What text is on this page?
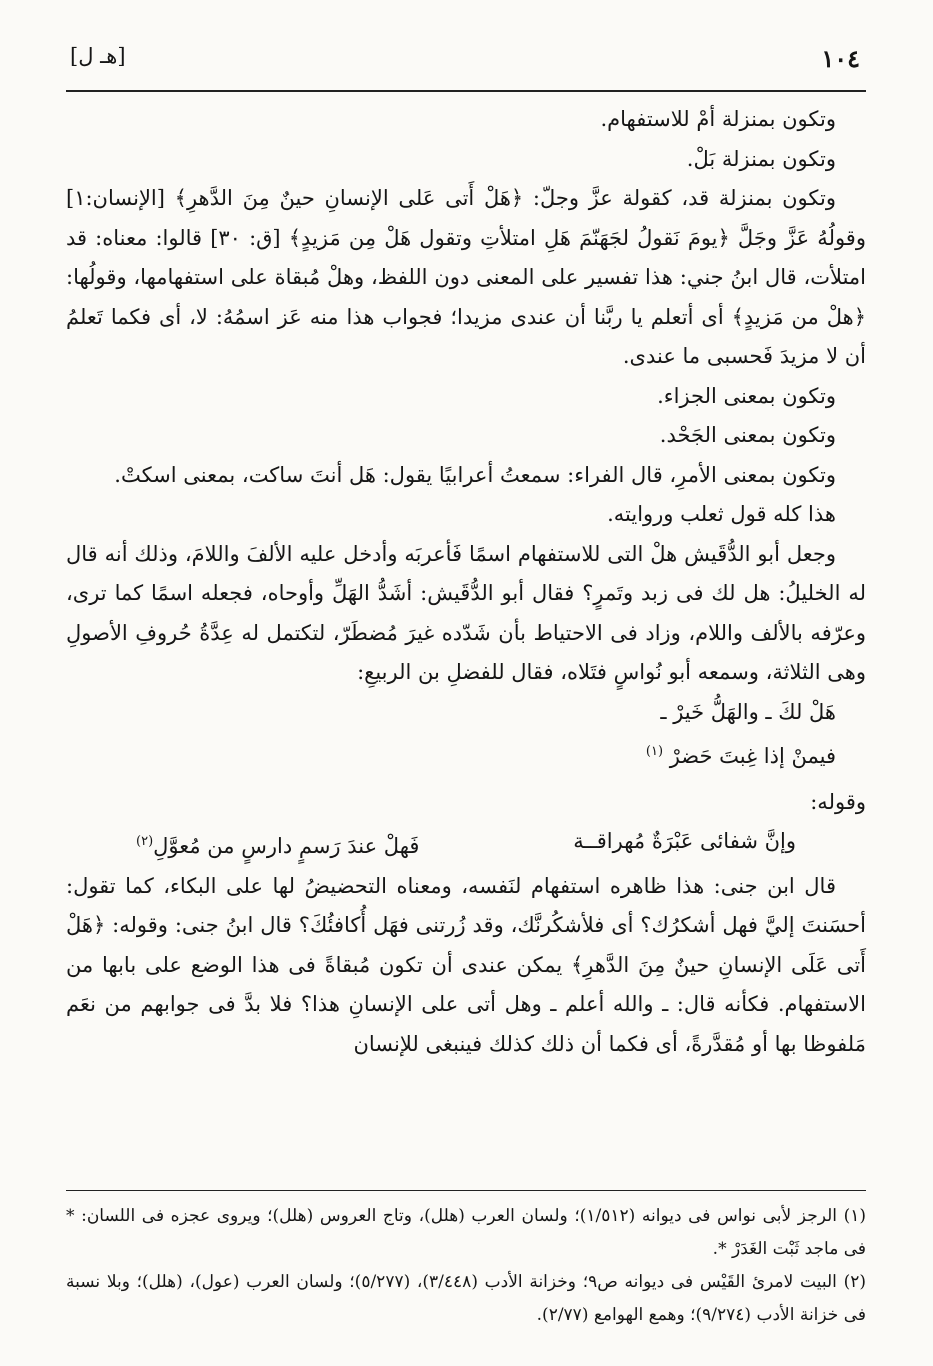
١٠٤
[هـ ل]

وتكون بمنزلة أمْ للاستفهام.

وتكون بمنزلة بَلْ.

وتكون بمنزلة قد، كقولة عزَّ وجلّ: ﴿هَلْ أَتى عَلى الإنسانِ حينٌ مِنَ الدَّهرِ﴾ [الإنسان:١] وقولُهُ عَزَّ وجَلَّ ﴿يومَ نَقولُ لجَهَنّمَ هَلِ امتلأتِ وتقول هَلْ مِن مَزيدٍ﴾ [ق: ٣٠] قالوا: معناه: قد امتلأت، قال ابنُ جني: هذا تفسير على المعنى دون اللفظ، وهلْ مُبقاة على استفهامها، وقولُها: ﴿هلْ من مَزيدٍ﴾ أى أتعلم يا ربَّنا أن عندى مزيدا؛ فجواب هذا منه عَز اسمُهُ: لا، أى فكما تَعلمُ أن لا مزيدَ فَحسبى ما عندى.

وتكون بمعنى الجزاء.

وتكون بمعنى الجَحْد.

وتكون بمعنى الأمرِ، قال الفراء: سمعتُ أعرابيًا يقول: هَل أنتَ ساكت، بمعنى اسكتْ.

هذا كله قول ثعلب وروايته.

وجعل أبو الدُّقَيش هلْ التى للاستفهام اسمًا فَأعربَه وأدخل عليه الألفَ واللامَ، وذلك أنه قال له الخليلُ: هل لك فى زبد وتَمرٍ؟ فقال أبو الدُّقَيش: أشَدُّ الهَلِّ وأوحاه، فجعله اسمًا كما ترى، وعرّفه بالألف واللام، وزاد فى الاحتياط بأن شَدّده غيرَ مُضطَرّ، لتكتمل له عِدَّةُ حُروفِ الأصولِ وهى الثلاثة، وسمعه أبو نُواسٍ فتَلاه، فقال للفضلِ بن الربيعِ:

هَلْ لكَ ـ والهَلُّ خَيرْ ـ

فيمنْ إذا غِبتَ حَضرْ $^{(١)}$

وقوله:

وإنَّ شفائى عَبْرَةٌ مُهراقــة
فَهلْ عندَ رَسمٍ دارسٍ من مُعوَّلِ$^{(٢)}$

قال ابن جنى: هذا ظاهره استفهام لنَفسه، ومعناه التحضيضُ لها على البكاء، كما تقول: أحسَنتَ إليَّ فهل أشكرُك؟ أى فلأشكُرنَّك، وقد زُرتنى فهَل أُكافئُكَ؟ قال ابنُ جنى: وقوله: ﴿هَلْ أَتى عَلَى الإنسانِ حينٌ مِنَ الدَّهرِ﴾ يمكن عندى أن تكون مُبقاةً فى هذا الوضع على بابها من الاستفهام. فكأنه قال: ـ والله أعلم ـ وهل أتى على الإنسانِ هذا؟ فلا بدَّ فى جوابهم من نعَم مَلفوظا بها أو مُقدَّرةً، أى فكما أن ذلك كذلك فينبغى للإنسان

(١) الرجز لأبى نواس فى ديوانه (١/٥١٢)؛ ولسان العرب (هلل)، وتاج العروس (هلل)؛ ويروى عجزه فى اللسان: * فى ماجد ثَبْت الغَدَرْ *.

(٢) البيت لامرئ القَيْس فى ديوانه ص٩؛ وخزانة الأدب (٣/٤٤٨)، (٥/٢٧٧)؛ ولسان العرب (عول)، (هلل)؛ وبلا نسبة فى خزانة الأدب (٩/٢٧٤)؛ وهمع الهوامع (٢/٧٧).
